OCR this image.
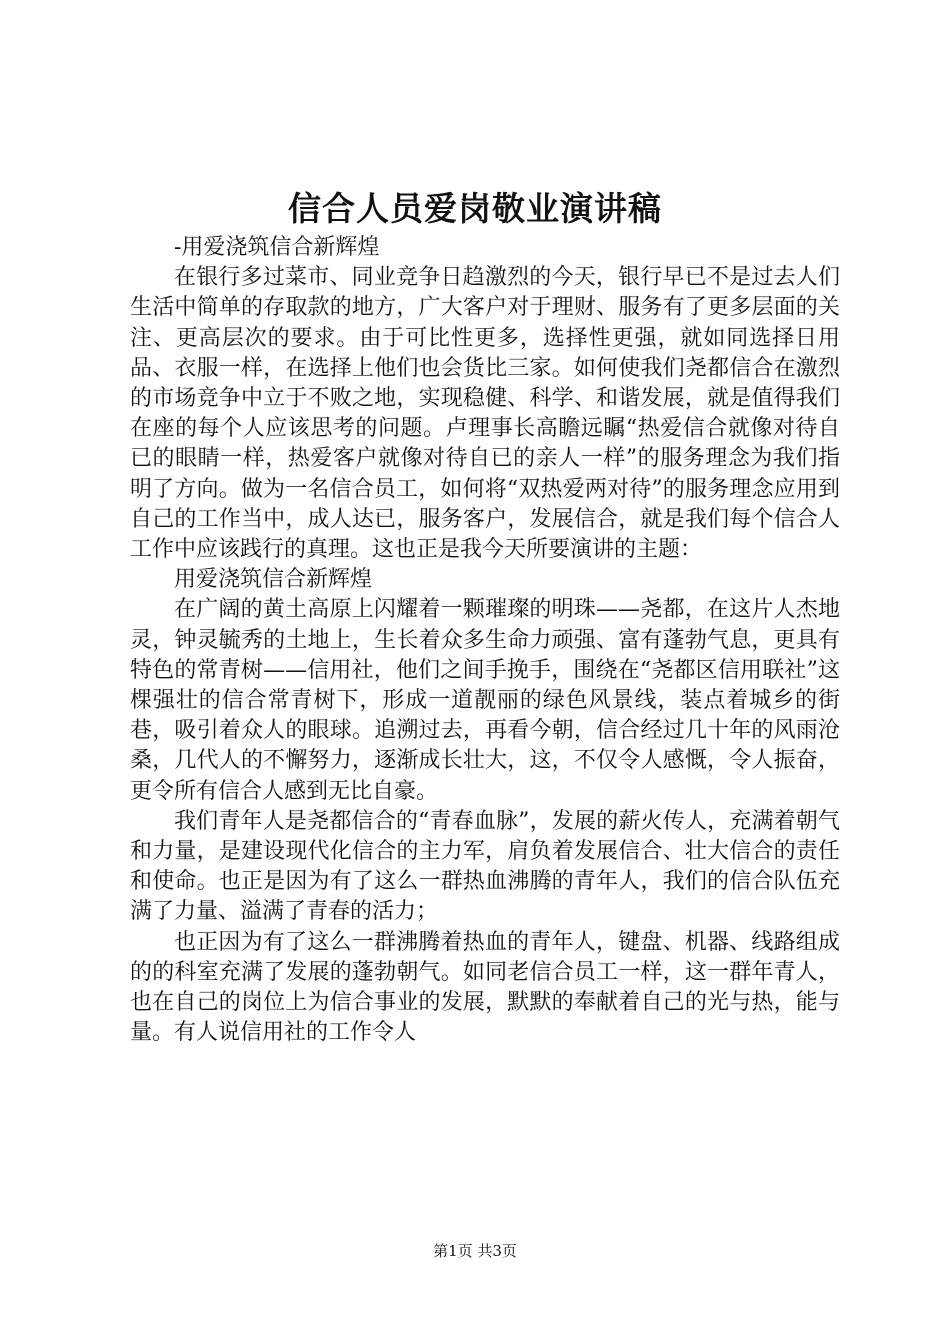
信合人员爱岗敬业演讲稿

-用爱浇筑信合新辉煌

在银行多过菜市、同业竞争日趋激烈的今天，银行早已不是过去人们生活中简单的存取款的地方，广大客户对于理财、服务有了更多层面的关注、更高层次的要求。由于可比性更多，选择性更强，就如同选择日用品、衣服一样，在选择上他们也会货比三家。如何使我们尧都信合在激烈的市场竞争中立于不败之地，实现稳健、科学、和谐发展，就是值得我们在座的每个人应该思考的问题。卢理事长高瞻远瞩“热爱信合就像对待自已的眼睛一样，热爱客户就像对待自已的亲人一样”的服务理念为我们指明了方向。做为一名信合员工，如何将“双热爱两对待”的服务理念应用到自己的工作当中，成人达已，服务客户，发展信合，就是我们每个信合人工作中应该践行的真理。这也正是我今天所要演讲的主题：

用爱浇筑信合新辉煌

在广阔的黄土高原上闪耀着一颗璀璨的明珠——尧都，在这片人杰地灵，钟灵毓秀的土地上，生长着众多生命力顽强、富有蓬勃气息，更具有特色的常青树——信用社，他们之间手挽手，围绕在“尧都区信用联社”这棵强壮的信合常青树下，形成一道靓丽的绿色风景线，装点着城乡的街巷，吸引着众人的眼球。追溯过去，再看今朝，信合经过几十年的风雨沧桑，几代人的不懈努力，逐渐成长壮大，这，不仅令人感慨，令人振奋，更令所有信合人感到无比自豪。

我们青年人是尧都信合的“青春血脉”，发展的薪火传人，充满着朝气和力量，是建设现代化信合的主力军，肩负着发展信合、壮大信合的责任和使命。也正是因为有了这么一群热血沸腾的青年人，我们的信合队伍充满了力量、溢满了青春的活力；

也正因为有了这么一群沸腾着热血的青年人，键盘、机器、线路组成的的科室充满了发展的蓬勃朝气。如同老信合员工一样，这一群年青人，也在自己的岗位上为信合事业的发展，默默的奉献着自己的光与热，能与量。有人说信用社的工作令人

第1页 共3页
